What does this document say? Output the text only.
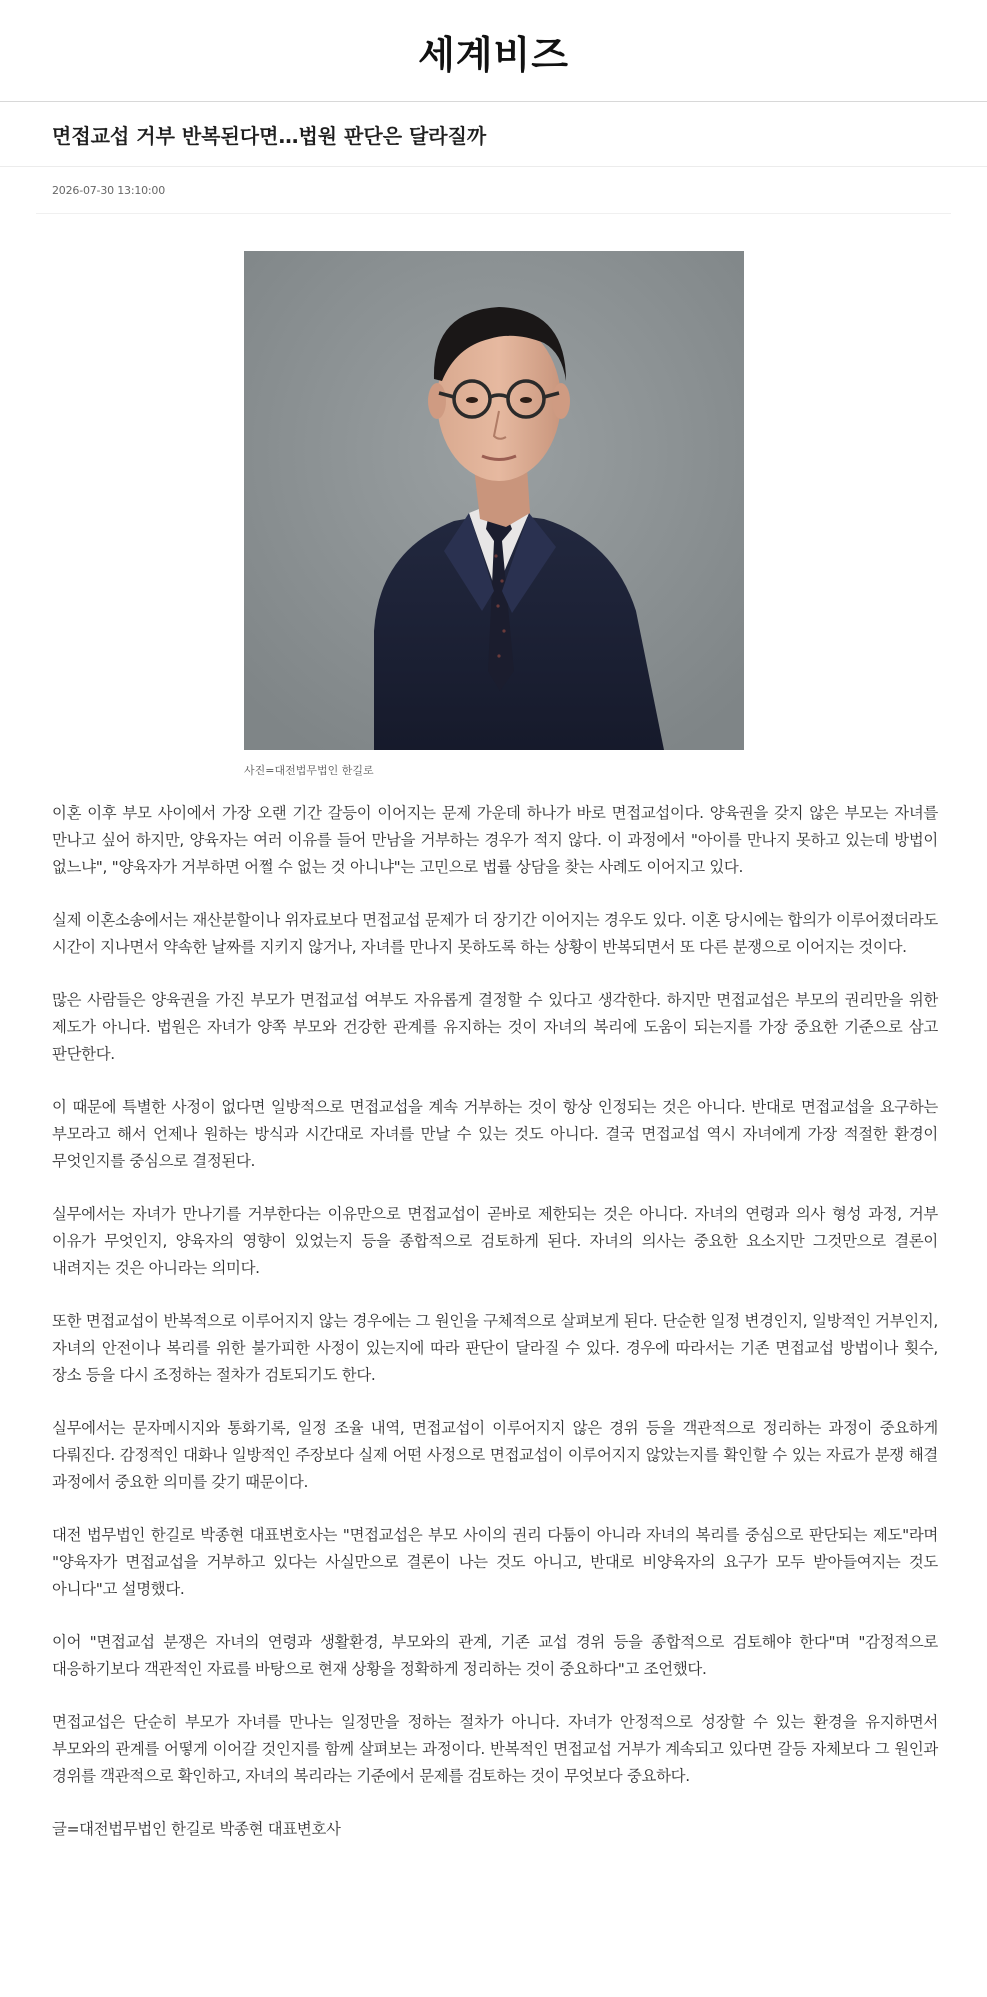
세계비즈
면접교섭 거부 반복된다면…법원 판단은 달라질까
2026-07-30 13:10:00
사진=대전법무법인 한길로

이혼 이후 부모 사이에서 가장 오랜 기간 갈등이 이어지는 문제 가운데 하나가 바로 면접교섭이다. 양육권을 갖지 않은 부모는 자녀를 만나고 싶어 하지만, 양육자는 여러 이유를 들어 만남을 거부하는 경우가 적지 않다. 이 과정에서 "아이를 만나지 못하고 있는데 방법이 없느냐", "양육자가 거부하면 어쩔 수 없는 것 아니냐"는 고민으로 법률 상담을 찾는 사례도 이어지고 있다.

실제 이혼소송에서는 재산분할이나 위자료보다 면접교섭 문제가 더 장기간 이어지는 경우도 있다. 이혼 당시에는 합의가 이루어졌더라도 시간이 지나면서 약속한 날짜를 지키지 않거나, 자녀를 만나지 못하도록 하는 상황이 반복되면서 또 다른 분쟁으로 이어지는 것이다.

많은 사람들은 양육권을 가진 부모가 면접교섭 여부도 자유롭게 결정할 수 있다고 생각한다. 하지만 면접교섭은 부모의 권리만을 위한 제도가 아니다. 법원은 자녀가 양쪽 부모와 건강한 관계를 유지하는 것이 자녀의 복리에 도움이 되는지를 가장 중요한 기준으로 삼고 판단한다.

이 때문에 특별한 사정이 없다면 일방적으로 면접교섭을 계속 거부하는 것이 항상 인정되는 것은 아니다. 반대로 면접교섭을 요구하는 부모라고 해서 언제나 원하는 방식과 시간대로 자녀를 만날 수 있는 것도 아니다. 결국 면접교섭 역시 자녀에게 가장 적절한 환경이 무엇인지를 중심으로 결정된다.

실무에서는 자녀가 만나기를 거부한다는 이유만으로 면접교섭이 곧바로 제한되는 것은 아니다. 자녀의 연령과 의사 형성 과정, 거부 이유가 무엇인지, 양육자의 영향이 있었는지 등을 종합적으로 검토하게 된다. 자녀의 의사는 중요한 요소지만 그것만으로 결론이 내려지는 것은 아니라는 의미다.

또한 면접교섭이 반복적으로 이루어지지 않는 경우에는 그 원인을 구체적으로 살펴보게 된다. 단순한 일정 변경인지, 일방적인 거부인지, 자녀의 안전이나 복리를 위한 불가피한 사정이 있는지에 따라 판단이 달라질 수 있다. 경우에 따라서는 기존 면접교섭 방법이나 횟수, 장소 등을 다시 조정하는 절차가 검토되기도 한다.

실무에서는 문자메시지와 통화기록, 일정 조율 내역, 면접교섭이 이루어지지 않은 경위 등을 객관적으로 정리하는 과정이 중요하게 다뤄진다. 감정적인 대화나 일방적인 주장보다 실제 어떤 사정으로 면접교섭이 이루어지지 않았는지를 확인할 수 있는 자료가 분쟁 해결 과정에서 중요한 의미를 갖기 때문이다.

대전 법무법인 한길로 박종현 대표변호사는 "면접교섭은 부모 사이의 권리 다툼이 아니라 자녀의 복리를 중심으로 판단되는 제도"라며 "양육자가 면접교섭을 거부하고 있다는 사실만으로 결론이 나는 것도 아니고, 반대로 비양육자의 요구가 모두 받아들여지는 것도 아니다"고 설명했다.

이어 "면접교섭 분쟁은 자녀의 연령과 생활환경, 부모와의 관계, 기존 교섭 경위 등을 종합적으로 검토해야 한다"며 "감정적으로 대응하기보다 객관적인 자료를 바탕으로 현재 상황을 정확하게 정리하는 것이 중요하다"고 조언했다.

면접교섭은 단순히 부모가 자녀를 만나는 일정만을 정하는 절차가 아니다. 자녀가 안정적으로 성장할 수 있는 환경을 유지하면서 부모와의 관계를 어떻게 이어갈 것인지를 함께 살펴보는 과정이다. 반복적인 면접교섭 거부가 계속되고 있다면 갈등 자체보다 그 원인과 경위를 객관적으로 확인하고, 자녀의 복리라는 기준에서 문제를 검토하는 것이 무엇보다 중요하다.

글=대전법무법인 한길로 박종현 대표변호사
